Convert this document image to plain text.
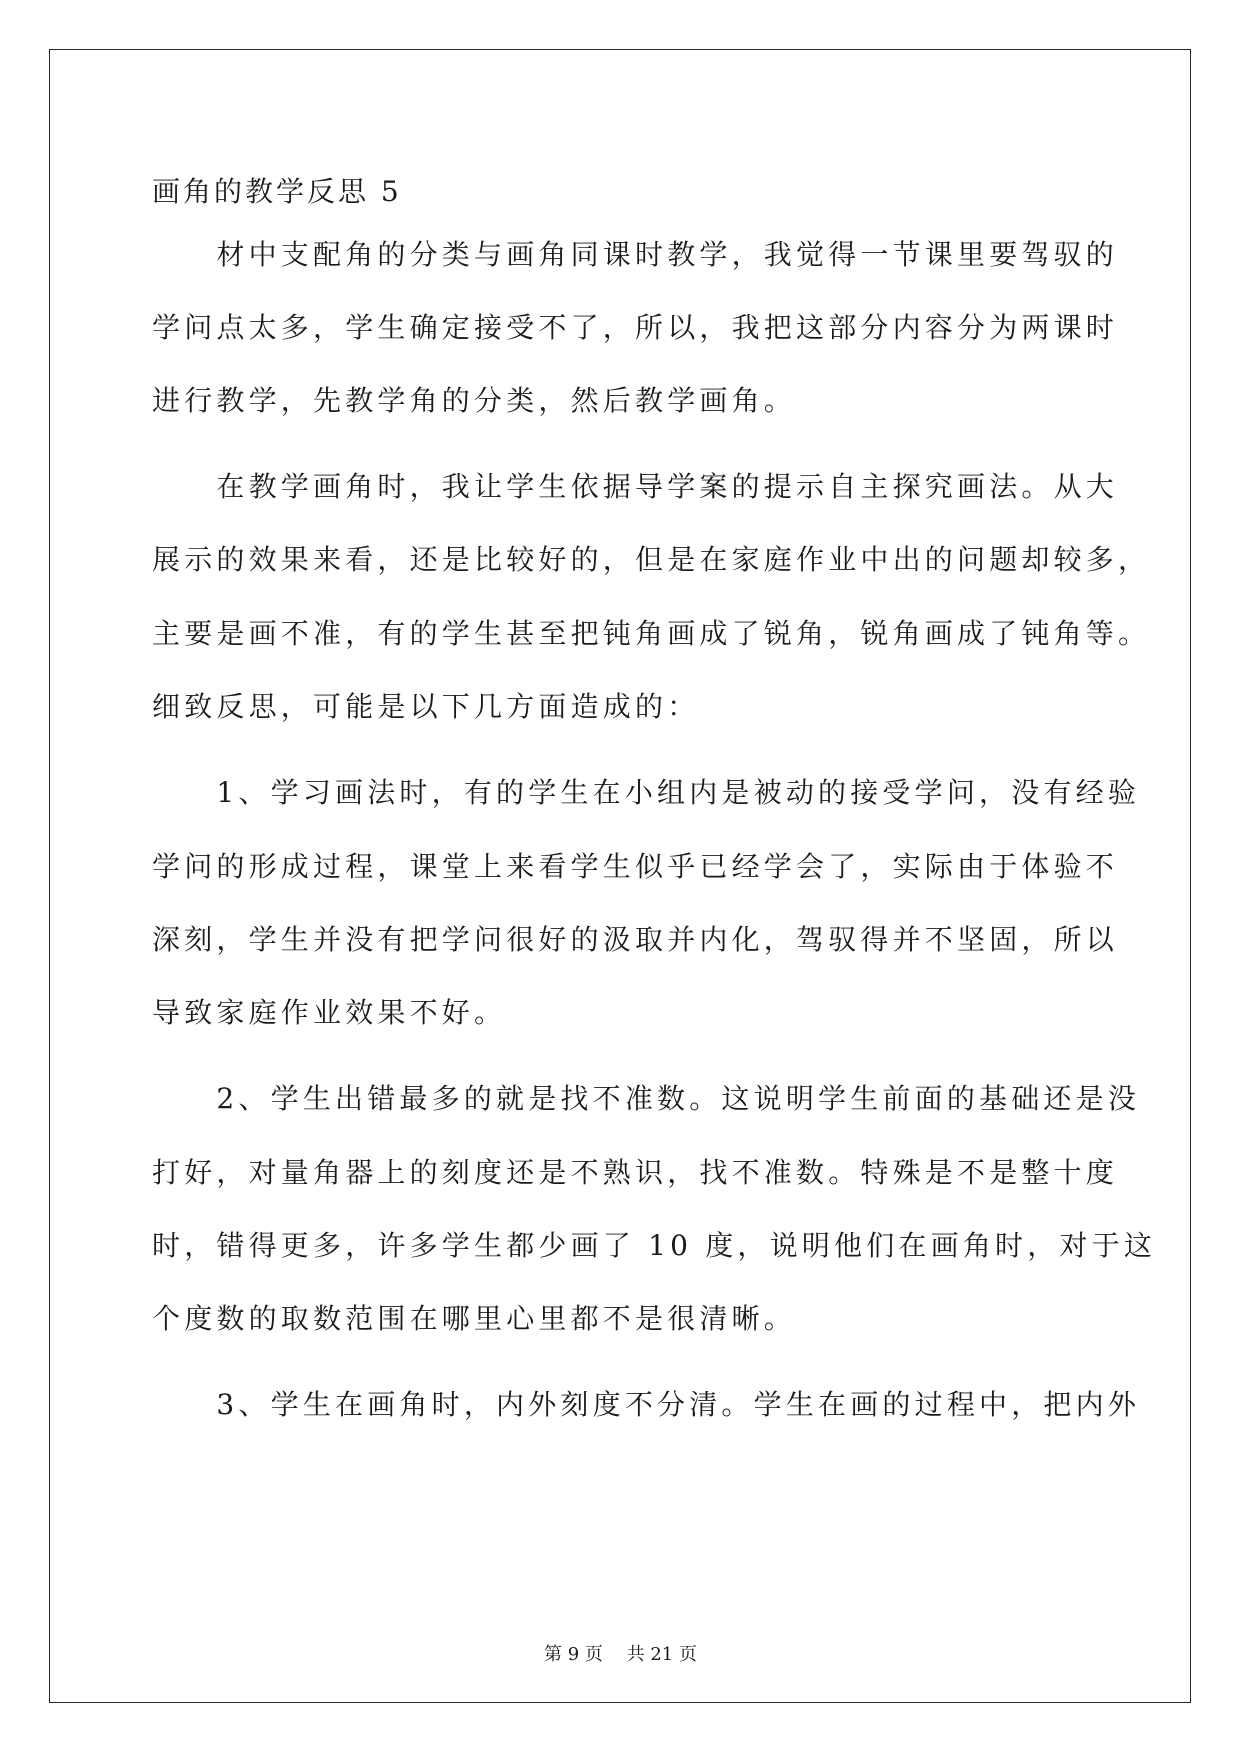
画角的教学反思 5

　　材中支配角的分类与画角同课时教学，我觉得一节课里要驾驭的

学问点太多，学生确定接受不了，所以，我把这部分内容分为两课时

进行教学，先教学角的分类，然后教学画角。

　　在教学画角时，我让学生依据导学案的提示自主探究画法。从大

展示的效果来看，还是比较好的，但是在家庭作业中出的问题却较多，

主要是画不准，有的学生甚至把钝角画成了锐角，锐角画成了钝角等。

细致反思，可能是以下几方面造成的：

　　1、学习画法时，有的学生在小组内是被动的接受学问，没有经验

学问的形成过程，课堂上来看学生似乎已经学会了，实际由于体验不

深刻，学生并没有把学问很好的汲取并内化，驾驭得并不坚固，所以

导致家庭作业效果不好。

　　2、学生出错最多的就是找不准数。这说明学生前面的基础还是没

打好，对量角器上的刻度还是不熟识，找不准数。特殊是不是整十度

时，错得更多，许多学生都少画了 10 度，说明他们在画角时，对于这

个度数的取数范围在哪里心里都不是很清晰。

　　3、学生在画角时，内外刻度不分清。学生在画的过程中，把内外

第 9 页　 共 21 页
